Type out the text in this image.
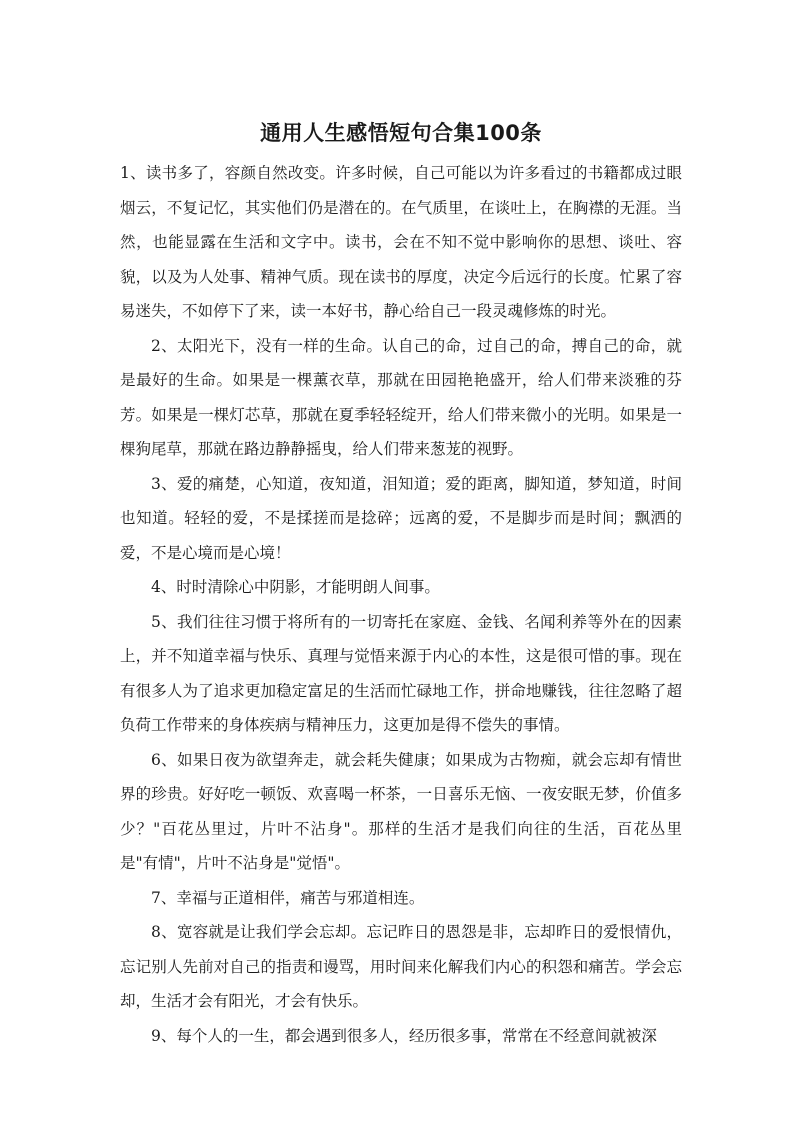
通用人生感悟短句合集100条

1、读书多了，容颜自然改变。许多时候，自己可能以为许多看过的书籍都成过眼烟云，不复记忆，其实他们仍是潜在的。在气质里，在谈吐上，在胸襟的无涯。当然，也能显露在生活和文字中。读书，会在不知不觉中影响你的思想、谈吐、容貌，以及为人处事、精神气质。现在读书的厚度，决定今后远行的长度。忙累了容易迷失，不如停下了来，读一本好书，静心给自己一段灵魂修炼的时光。

2、太阳光下，没有一样的生命。认自己的命，过自己的命，搏自己的命，就是最好的生命。如果是一棵薰衣草，那就在田园艳艳盛开，给人们带来淡雅的芬芳。如果是一棵灯芯草，那就在夏季轻轻绽开，给人们带来微小的光明。如果是一棵狗尾草，那就在路边静静摇曳，给人们带来葱茏的视野。

3、爱的痛楚，心知道，夜知道，泪知道；爱的距离，脚知道，梦知道，时间也知道。轻轻的爱，不是揉搓而是捻碎；远离的爱，不是脚步而是时间；飘洒的爱，不是心境而是心境！

4、时时清除心中阴影，才能明朗人间事。

5、我们往往习惯于将所有的一切寄托在家庭、金钱、名闻利养等外在的因素上，并不知道幸福与快乐、真理与觉悟来源于内心的本性，这是很可惜的事。现在有很多人为了追求更加稳定富足的生活而忙碌地工作，拼命地赚钱，往往忽略了超负荷工作带来的身体疾病与精神压力，这更加是得不偿失的事情。

6、如果日夜为欲望奔走，就会耗失健康；如果成为古物痴，就会忘却有情世界的珍贵。好好吃一顿饭、欢喜喝一杯茶，一日喜乐无恼、一夜安眠无梦，价值多少？"百花丛里过，片叶不沾身"。那样的生活才是我们向往的生活，百花丛里是"有情"，片叶不沾身是"觉悟"。

7、幸福与正道相伴，痛苦与邪道相连。

8、宽容就是让我们学会忘却。忘记昨日的恩怨是非，忘却昨日的爱恨情仇，忘记别人先前对自己的指责和谩骂，用时间来化解我们内心的积怨和痛苦。学会忘却，生活才会有阳光，才会有快乐。

9、每个人的一生，都会遇到很多人，经历很多事，常常在不经意间就被深
